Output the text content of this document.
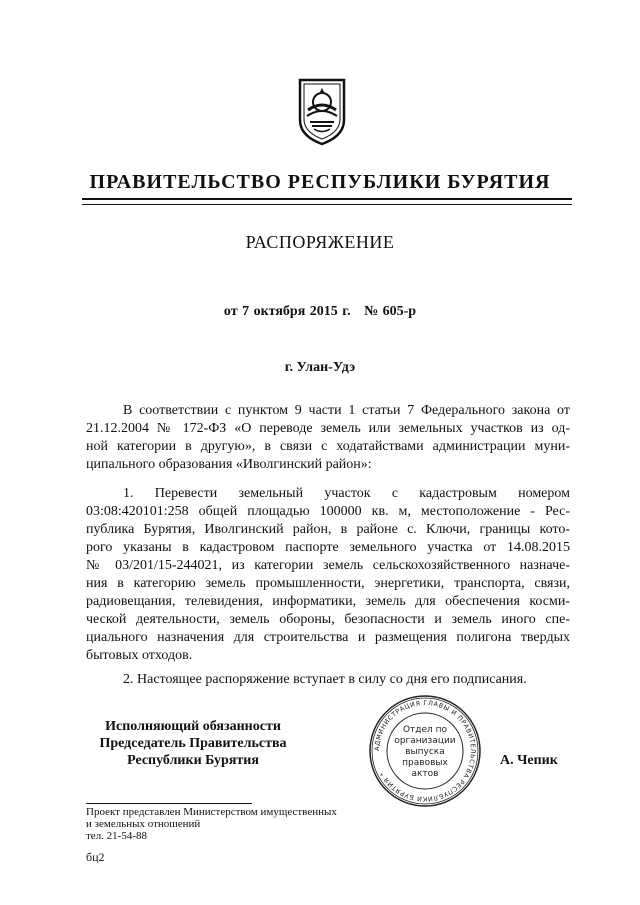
ПРАВИТЕЛЬСТВО РЕСПУБЛИКИ БУРЯТИЯ
РАСПОРЯЖЕНИЕ
от 7 октября 2015 г.   № 605-р
г. Улан-Удэ
В соответствии с пунктом 9 части 1 статьи 7 Федерального закона от
21.12.2004 № 172-ФЗ «О переводе земель или земельных участков из од-
ной категории в другую», в связи с ходатайствами администрации муни-
ципального образования «Иволгинский район»:
1. Перевести земельный участок с кадастровым номером
03:08:420101:258 общей площадью 100000 кв. м, местоположение - Рес-
публика Бурятия, Иволгинский район, в районе с. Ключи, границы кото-
рого указаны в кадастровом паспорте земельного участка от 14.08.2015
№ 03/201/15-244021, из категории земель сельскохозяйственного назначе-
ния в категорию земель промышленности, энергетики, транспорта, связи,
радиовещания, телевидения, информатики, земель для обеспечения косми-
ческой деятельности, земель обороны, безопасности и земель иного спе-
циального назначения для строительства и размещения полигона твердых
бытовых отходов.
2. Настоящее распоряжение вступает в силу со дня его подписания.
Исполняющий обязанности
Председатель Правительства
Республики Бурятия
АДМИНИСТРАЦИЯ ГЛАВЫ И ПРАВИТЕЛЬСТВА РЕСПУБЛИКИ БУРЯТИЯ *
Отдел по
организации
выпуска
правовых
актов
А. Чепик
Проект представлен Министерством имущественных
и земельных отношений
тел. 21-54-88
бц2
